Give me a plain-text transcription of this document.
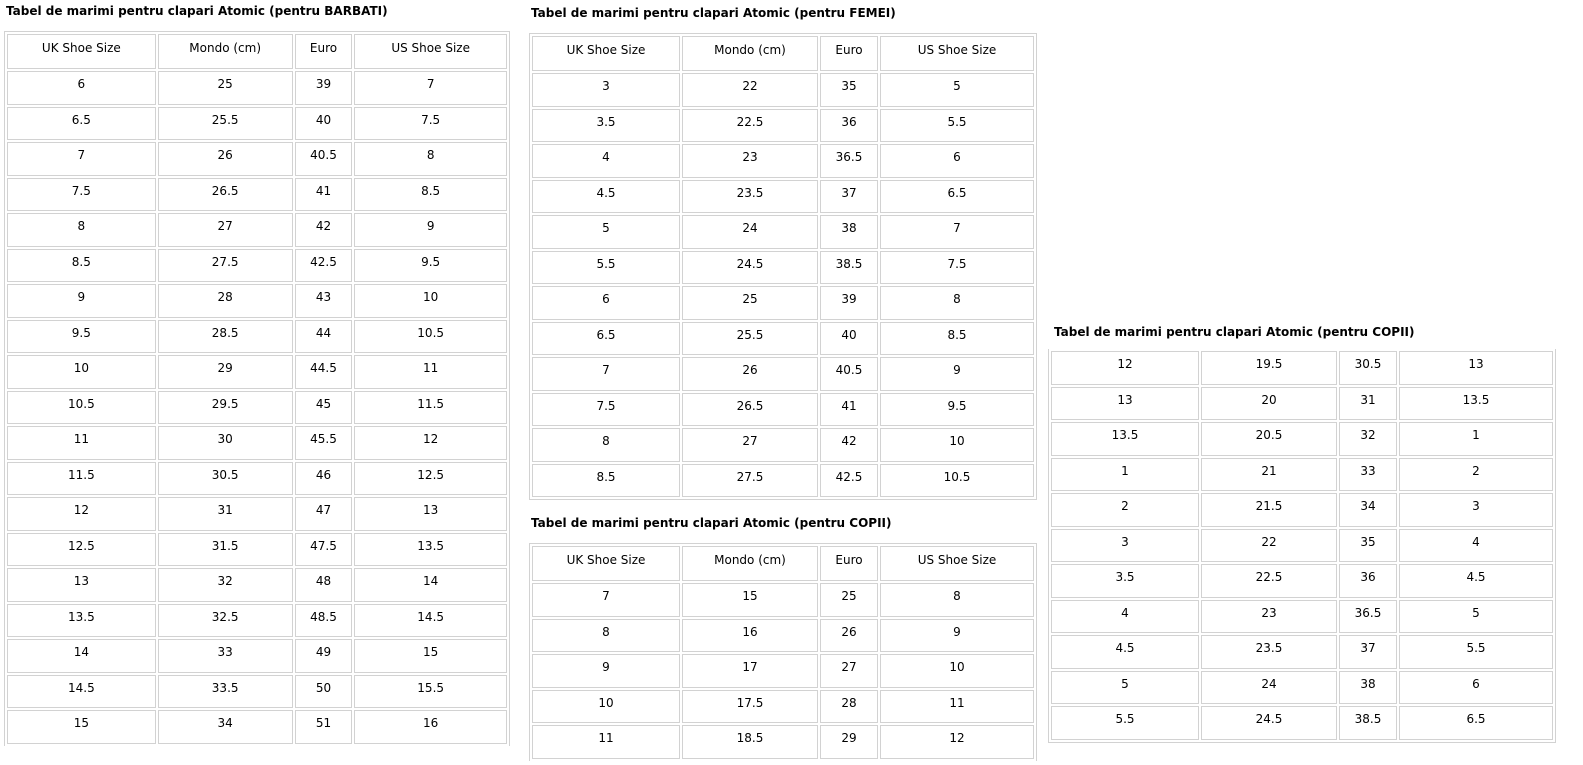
Tabel de marimi pentru clapari Atomic (pentru BARBATI)
UK Shoe Size	Mondo (cm)	Euro	US Shoe Size
6	25	39	7
6.5	25.5	40	7.5
7	26	40.5	8
7.5	26.5	41	8.5
8	27	42	9
8.5	27.5	42.5	9.5
9	28	43	10
9.5	28.5	44	10.5
10	29	44.5	11
10.5	29.5	45	11.5
11	30	45.5	12
11.5	30.5	46	12.5
12	31	47	13
12.5	31.5	47.5	13.5
13	32	48	14
13.5	32.5	48.5	14.5
14	33	49	15
14.5	33.5	50	15.5
15	34	51	16
Tabel de marimi pentru clapari Atomic (pentru FEMEI)
UK Shoe Size	Mondo (cm)	Euro	US Shoe Size
3	22	35	5
3.5	22.5	36	5.5
4	23	36.5	6
4.5	23.5	37	6.5
5	24	38	7
5.5	24.5	38.5	7.5
6	25	39	8
6.5	25.5	40	8.5
7	26	40.5	9
7.5	26.5	41	9.5
8	27	42	10
8.5	27.5	42.5	10.5
Tabel de marimi pentru clapari Atomic (pentru COPII)
UK Shoe Size	Mondo (cm)	Euro	US Shoe Size
7	15	25	8
8	16	26	9
9	17	27	10
10	17.5	28	11
11	18.5	29	12
Tabel de marimi pentru clapari Atomic (pentru COPII)
12	19.5	30.5	13
13	20	31	13.5
13.5	20.5	32	1
1	21	33	2
2	21.5	34	3
3	22	35	4
3.5	22.5	36	4.5
4	23	36.5	5
4.5	23.5	37	5.5
5	24	38	6
5.5	24.5	38.5	6.5
